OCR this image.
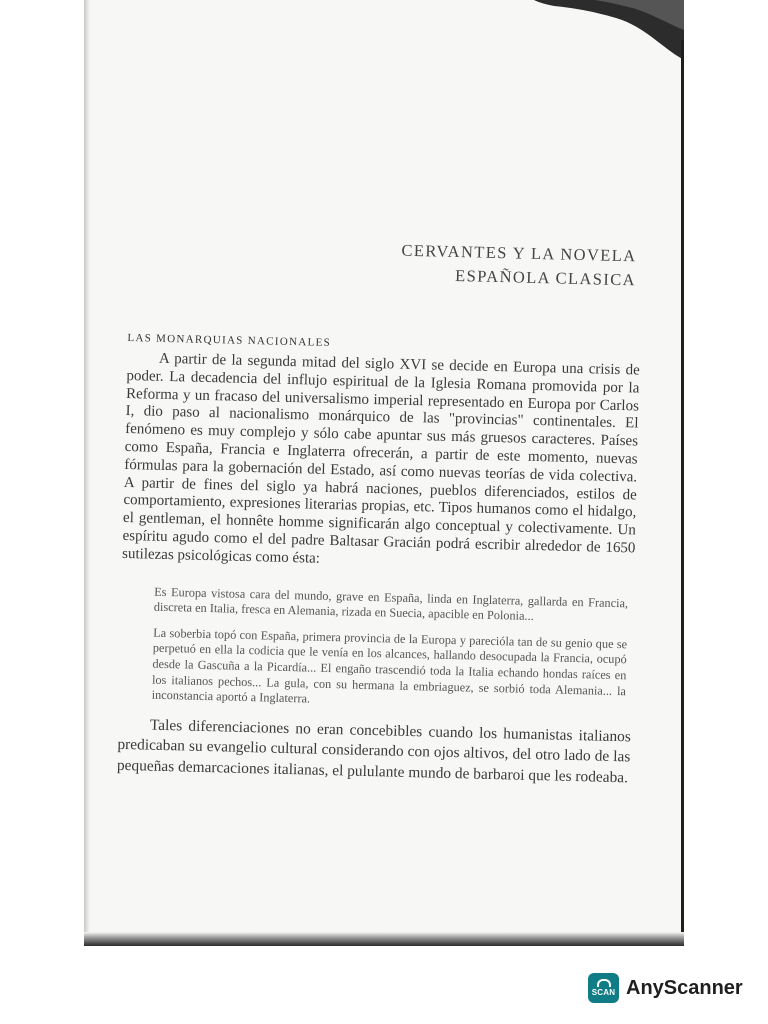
CERVANTES Y LA NOVELA
ESPAÑOLA CLASICA

LAS MONARQUIAS NACIONALES

A partir de la segunda mitad del siglo XVI se decide en Europa una crisis de poder. La decadencia del influjo espiritual de la Iglesia Romana promovida por la Reforma y un fracaso del universalismo imperial representado en Europa por Carlos I, dio paso al nacionalismo monárquico de las "provincias" continentales. El fenómeno es muy complejo y sólo cabe apuntar sus más gruesos caracteres. Países como España, Francia e Inglaterra ofrecerán, a partir de este momento, nuevas fórmulas para la gobernación del Estado, así como nuevas teorías de vida colectiva. A partir de fines del siglo ya habrá naciones, pueblos diferenciados, estilos de comportamiento, expresiones literarias propias, etc. Tipos humanos como el hidalgo, el gentleman, el honnête homme significarán algo conceptual y colectivamente. Un espíritu agudo como el del padre Baltasar Gracián podrá escribir alrededor de 1650 sutilezas psicológicas como ésta:

Es Europa vistosa cara del mundo, grave en España, linda en Inglaterra, gallarda en Francia, discreta en Italia, fresca en Alemania, rizada en Suecia, apacible en Polonia...

La soberbia topó con España, primera provincia de la Europa y parecióla tan de su genio que se perpetuó en ella la codicia que le venía en los alcances, hallando desocupada la Francia, ocupó desde la Gascuña a la Picardía... El engaño trascendió toda la Italia echando hondas raíces en los italianos pechos... La gula, con su hermana la embriaguez, se sorbió toda Alemania... la inconstancia aportó a Inglaterra.

Tales diferenciaciones no eran concebibles cuando los humanistas italianos predicaban su evangelio cultural considerando con ojos altivos, del otro lado de las pequeñas demarcaciones italianas, el pululante mundo de barbaroi que les rodeaba.

SCAN AnyScanner
